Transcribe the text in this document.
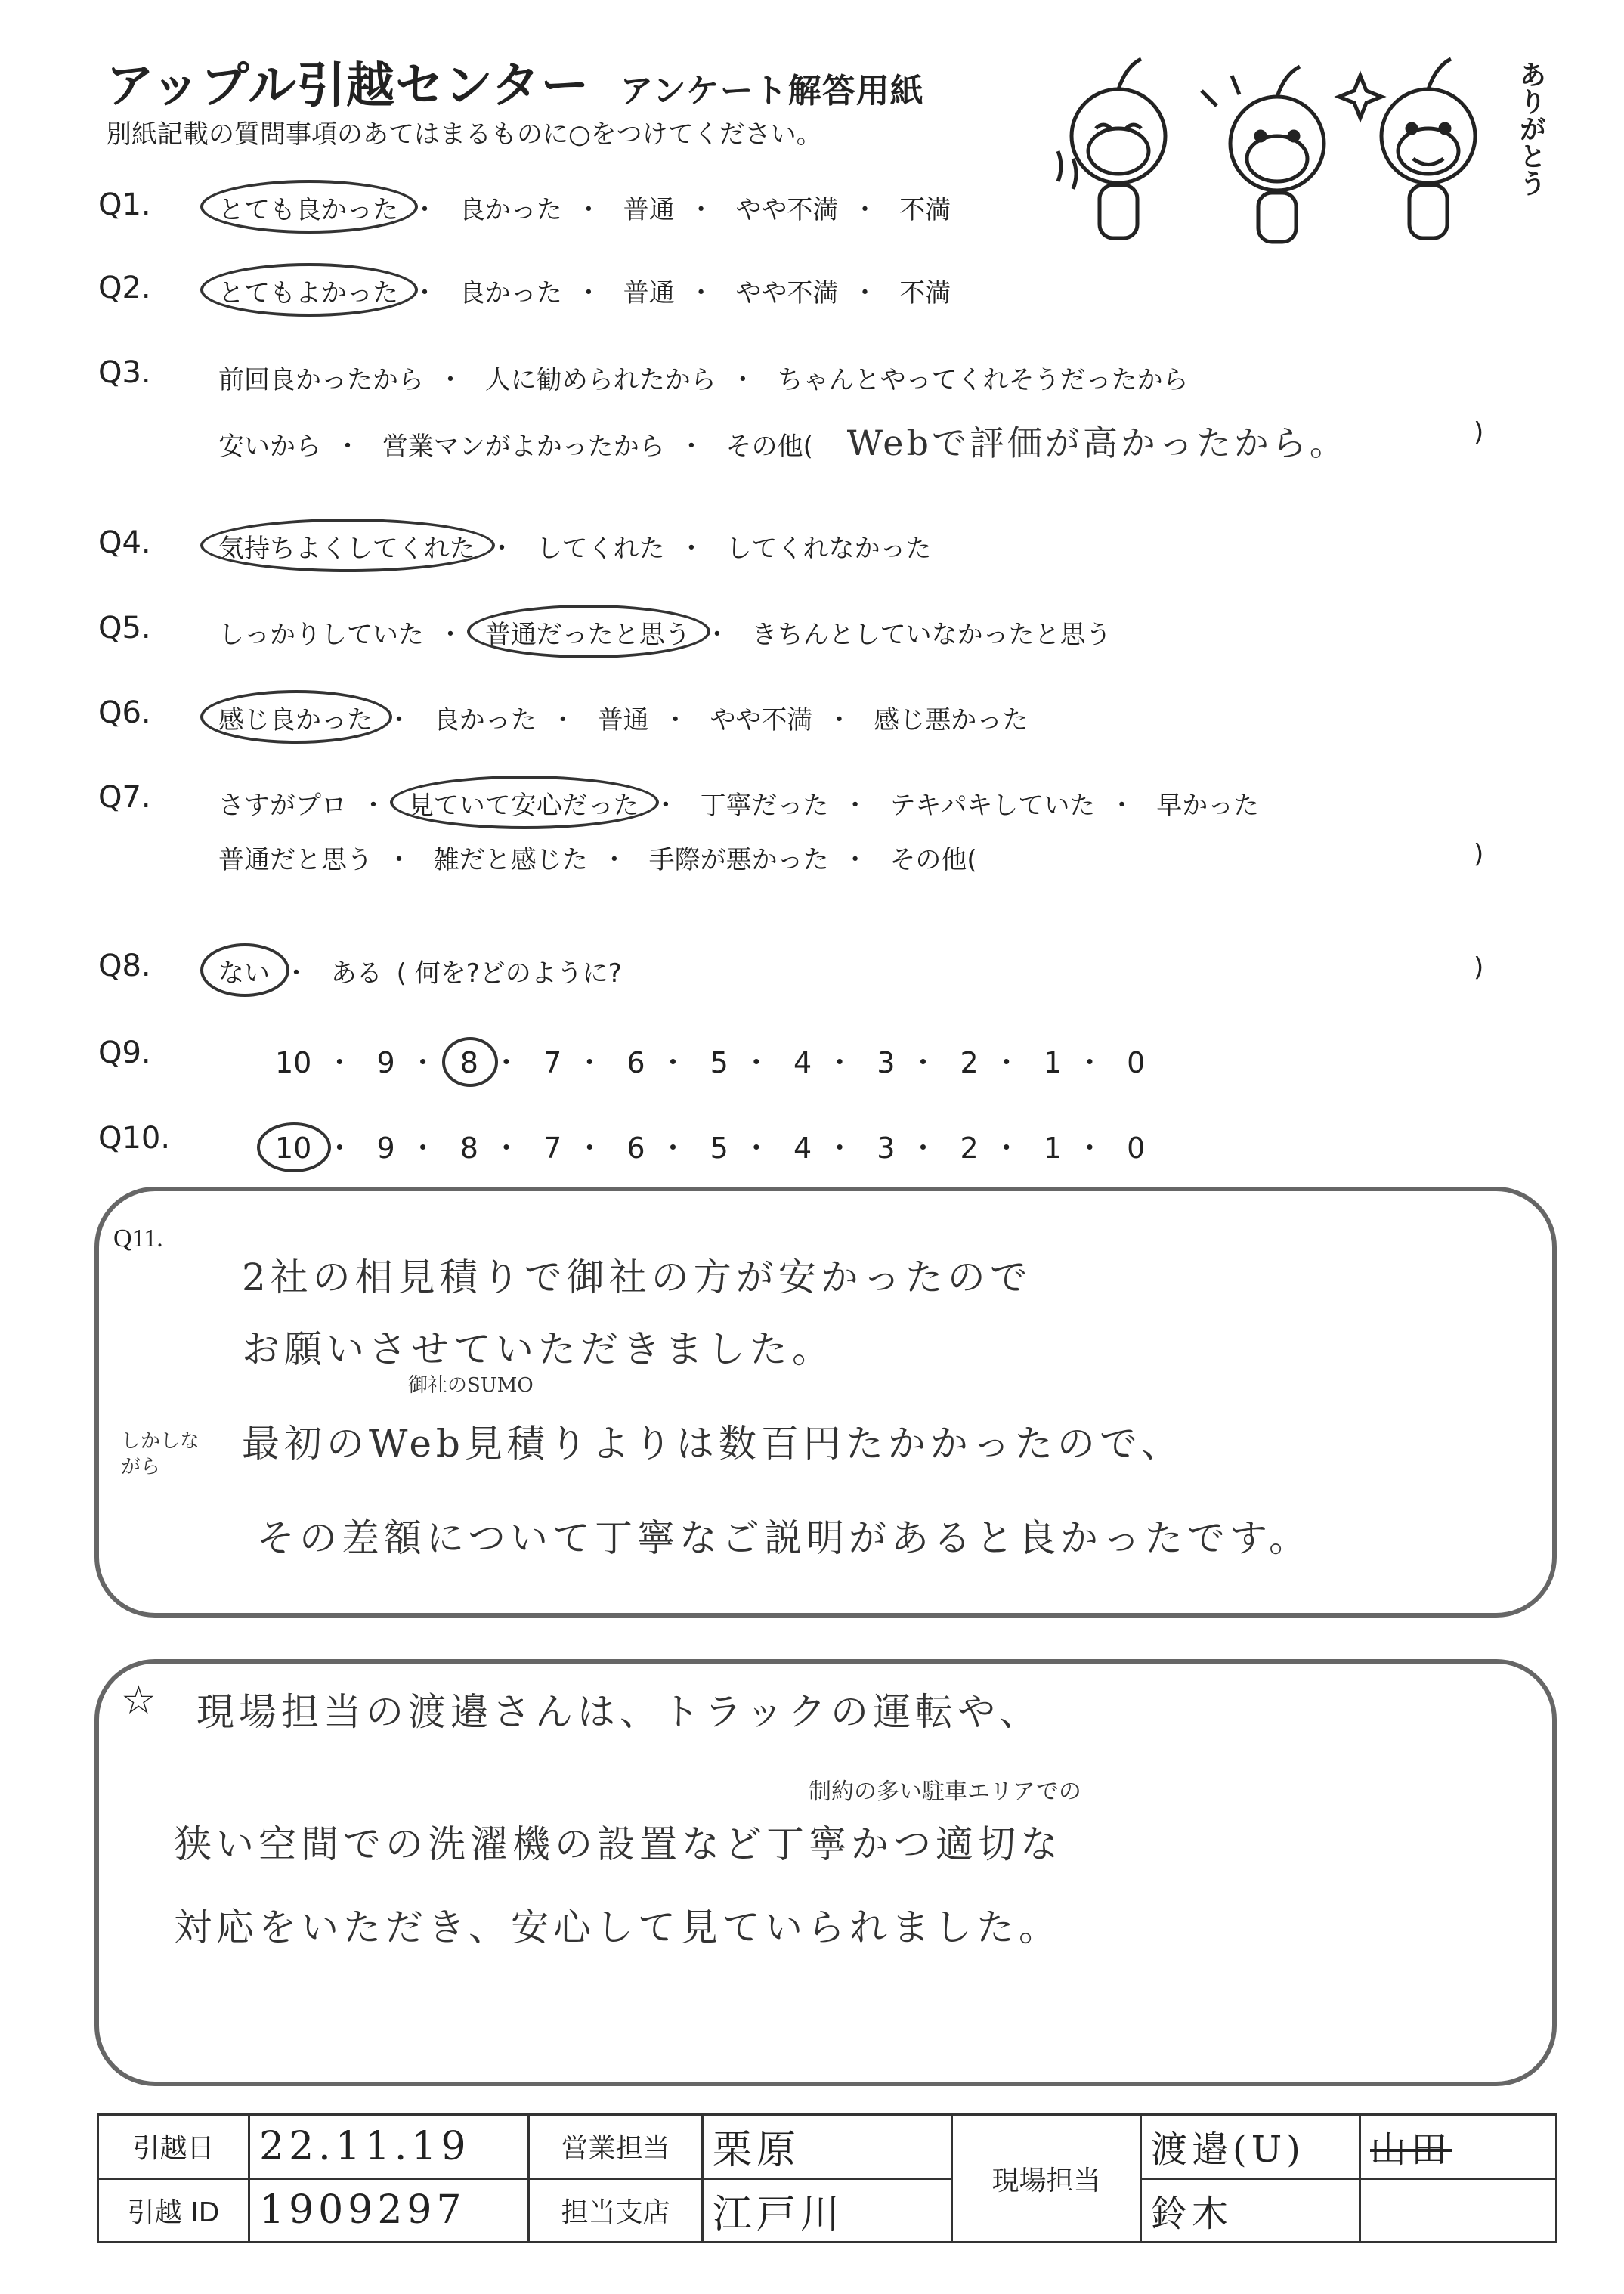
アップル引越センター アンケート解答用紙
別紙記載の質問事項のあてはまるものに○をつけてください。	ありがとう
Q1.	とても良かった ・ 良かった ・ 普通 ・ やや不満 ・ 不満
Q2.	とてもよかった ・ 良かった ・ 普通 ・ やや不満 ・ 不満
Q3.	前回良かったから ・ 人に勧められたから ・ ちゃんとやってくれそうだったから
安いから ・ 営業マンがよかったから ・ その他( Webで評価が高かったから。	)
Q4.	気持ちよくしてくれた ・ してくれた ・ してくれなかった
Q5.	しっかりしていた ・ 普通だったと思う ・ きちんとしていなかったと思う
Q6.	感じ良かった ・ 良かった ・ 普通 ・ やや不満 ・ 感じ悪かった
Q7.	さすがプロ ・ 見ていて安心だった ・ 丁寧だった ・ テキパキしていた ・ 早かった
普通だと思う ・ 雑だと感じた ・ 手際が悪かった ・ その他(	)
Q8.	ない ・ ある ( 何を?どのように?	)
Q9.	10 ・ 9 ・ 8 ・ 7 ・ 6 ・ 5 ・ 4 ・ 3 ・ 2 ・ 1 ・ 0
Q10.	10 ・ 9 ・ 8 ・ 7 ・ 6 ・ 5 ・ 4 ・ 3 ・ 2 ・ 1 ・ 0
Q11.
2社の相見積りで御社の方が安かったので
お願いさせていただきました。
御社のSUMO
しかしながら
最初のWeb見積りよりは数百円たかかったので、
その差額について丁寧なご説明があると良かったです。
☆ 現場担当の渡邉さんは、トラックの運転や、
制約の多い駐車エリアでの
狭い空間での洗濯機の設置など丁寧かつ適切な
対応をいただき、安心して見ていられました。
引越日	22.11.19	営業担当	栗原	現場担当	渡邉(U)	山田
引越 ID	1909297	担当支店	江戸川		鈴木	
